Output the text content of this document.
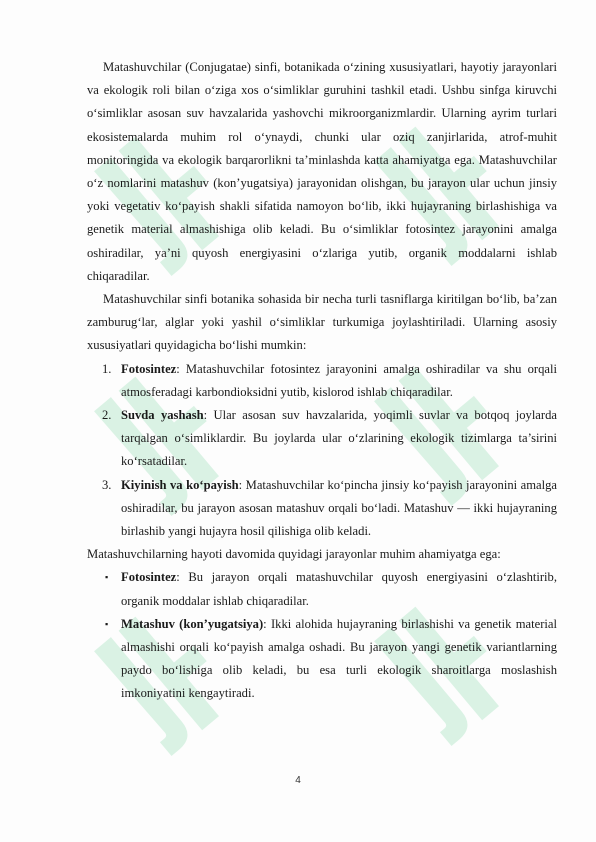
Matashuvchilar (Conjugatae) sinfi, botanikada o‘zining xususiyatlari, hayotiy jarayonlari va ekologik roli bilan o‘ziga xos o‘simliklar guruhini tashkil etadi. Ushbu sinfga kiruvchi o‘simliklar asosan suv havzalarida yashovchi mikroorganizmlardir. Ularning ayrim turlari ekosistemalarda muhim rol o‘ynaydi, chunki ular oziq zanjirlarida, atrof-muhit monitoringida va ekologik barqarorlikni ta’minlashda katta ahamiyatga ega. Matashuvchilar o‘z nomlarini matashuv (kon’yugatsiya) jarayonidan olishgan, bu jarayon ular uchun jinsiy yoki vegetativ ko‘payish shakli sifatida namoyon bo‘lib, ikki hujayraning birlashishiga va genetik material almashishiga olib keladi. Bu o‘simliklar fotosintez jarayonini amalga oshiradilar, ya’ni quyosh energiyasini o‘zlariga yutib, organik moddalarni ishlab chiqaradilar.

Matashuvchilar sinfi botanika sohasida bir necha turli tasniflarga kiritilgan bo‘lib, ba’zan zamburug‘lar, alglar yoki yashil o‘simliklar turkumiga joylashtiriladi. Ularning asosiy xususiyatlari quyidagicha bo‘lishi mumkin:

1. Fotosintez: Matashuvchilar fotosintez jarayonini amalga oshiradilar va shu orqali atmosferadagi karbondioksidni yutib, kislorod ishlab chiqaradilar.
2. Suvda yashash: Ular asosan suv havzalarida, yoqimli suvlar va botqoq joylarda tarqalgan o‘simliklardir. Bu joylarda ular o‘zlarining ekologik tizimlarga ta’sirini ko‘rsatadilar.
3. Kiyinish va ko‘payish: Matashuvchilar ko‘pincha jinsiy ko‘payish jarayonini amalga oshiradilar, bu jarayon asosan matashuv orqali bo‘ladi. Matashuv — ikki hujayraning birlashib yangi hujayra hosil qilishiga olib keladi.

Matashuvchilarning hayoti davomida quyidagi jarayonlar muhim ahamiyatga ega:

▪ Fotosintez: Bu jarayon orqali matashuvchilar quyosh energiyasini o‘zlashtirib, organik moddalar ishlab chiqaradilar.
▪ Matashuv (kon’yugatsiya): Ikki alohida hujayraning birlashishi va genetik material almashishi orqali ko‘payish amalga oshadi. Bu jarayon yangi genetik variantlarning paydo bo‘lishiga olib keladi, bu esa turli ekologik sharoitlarga moslashish imkoniyatini kengaytiradi.
4
